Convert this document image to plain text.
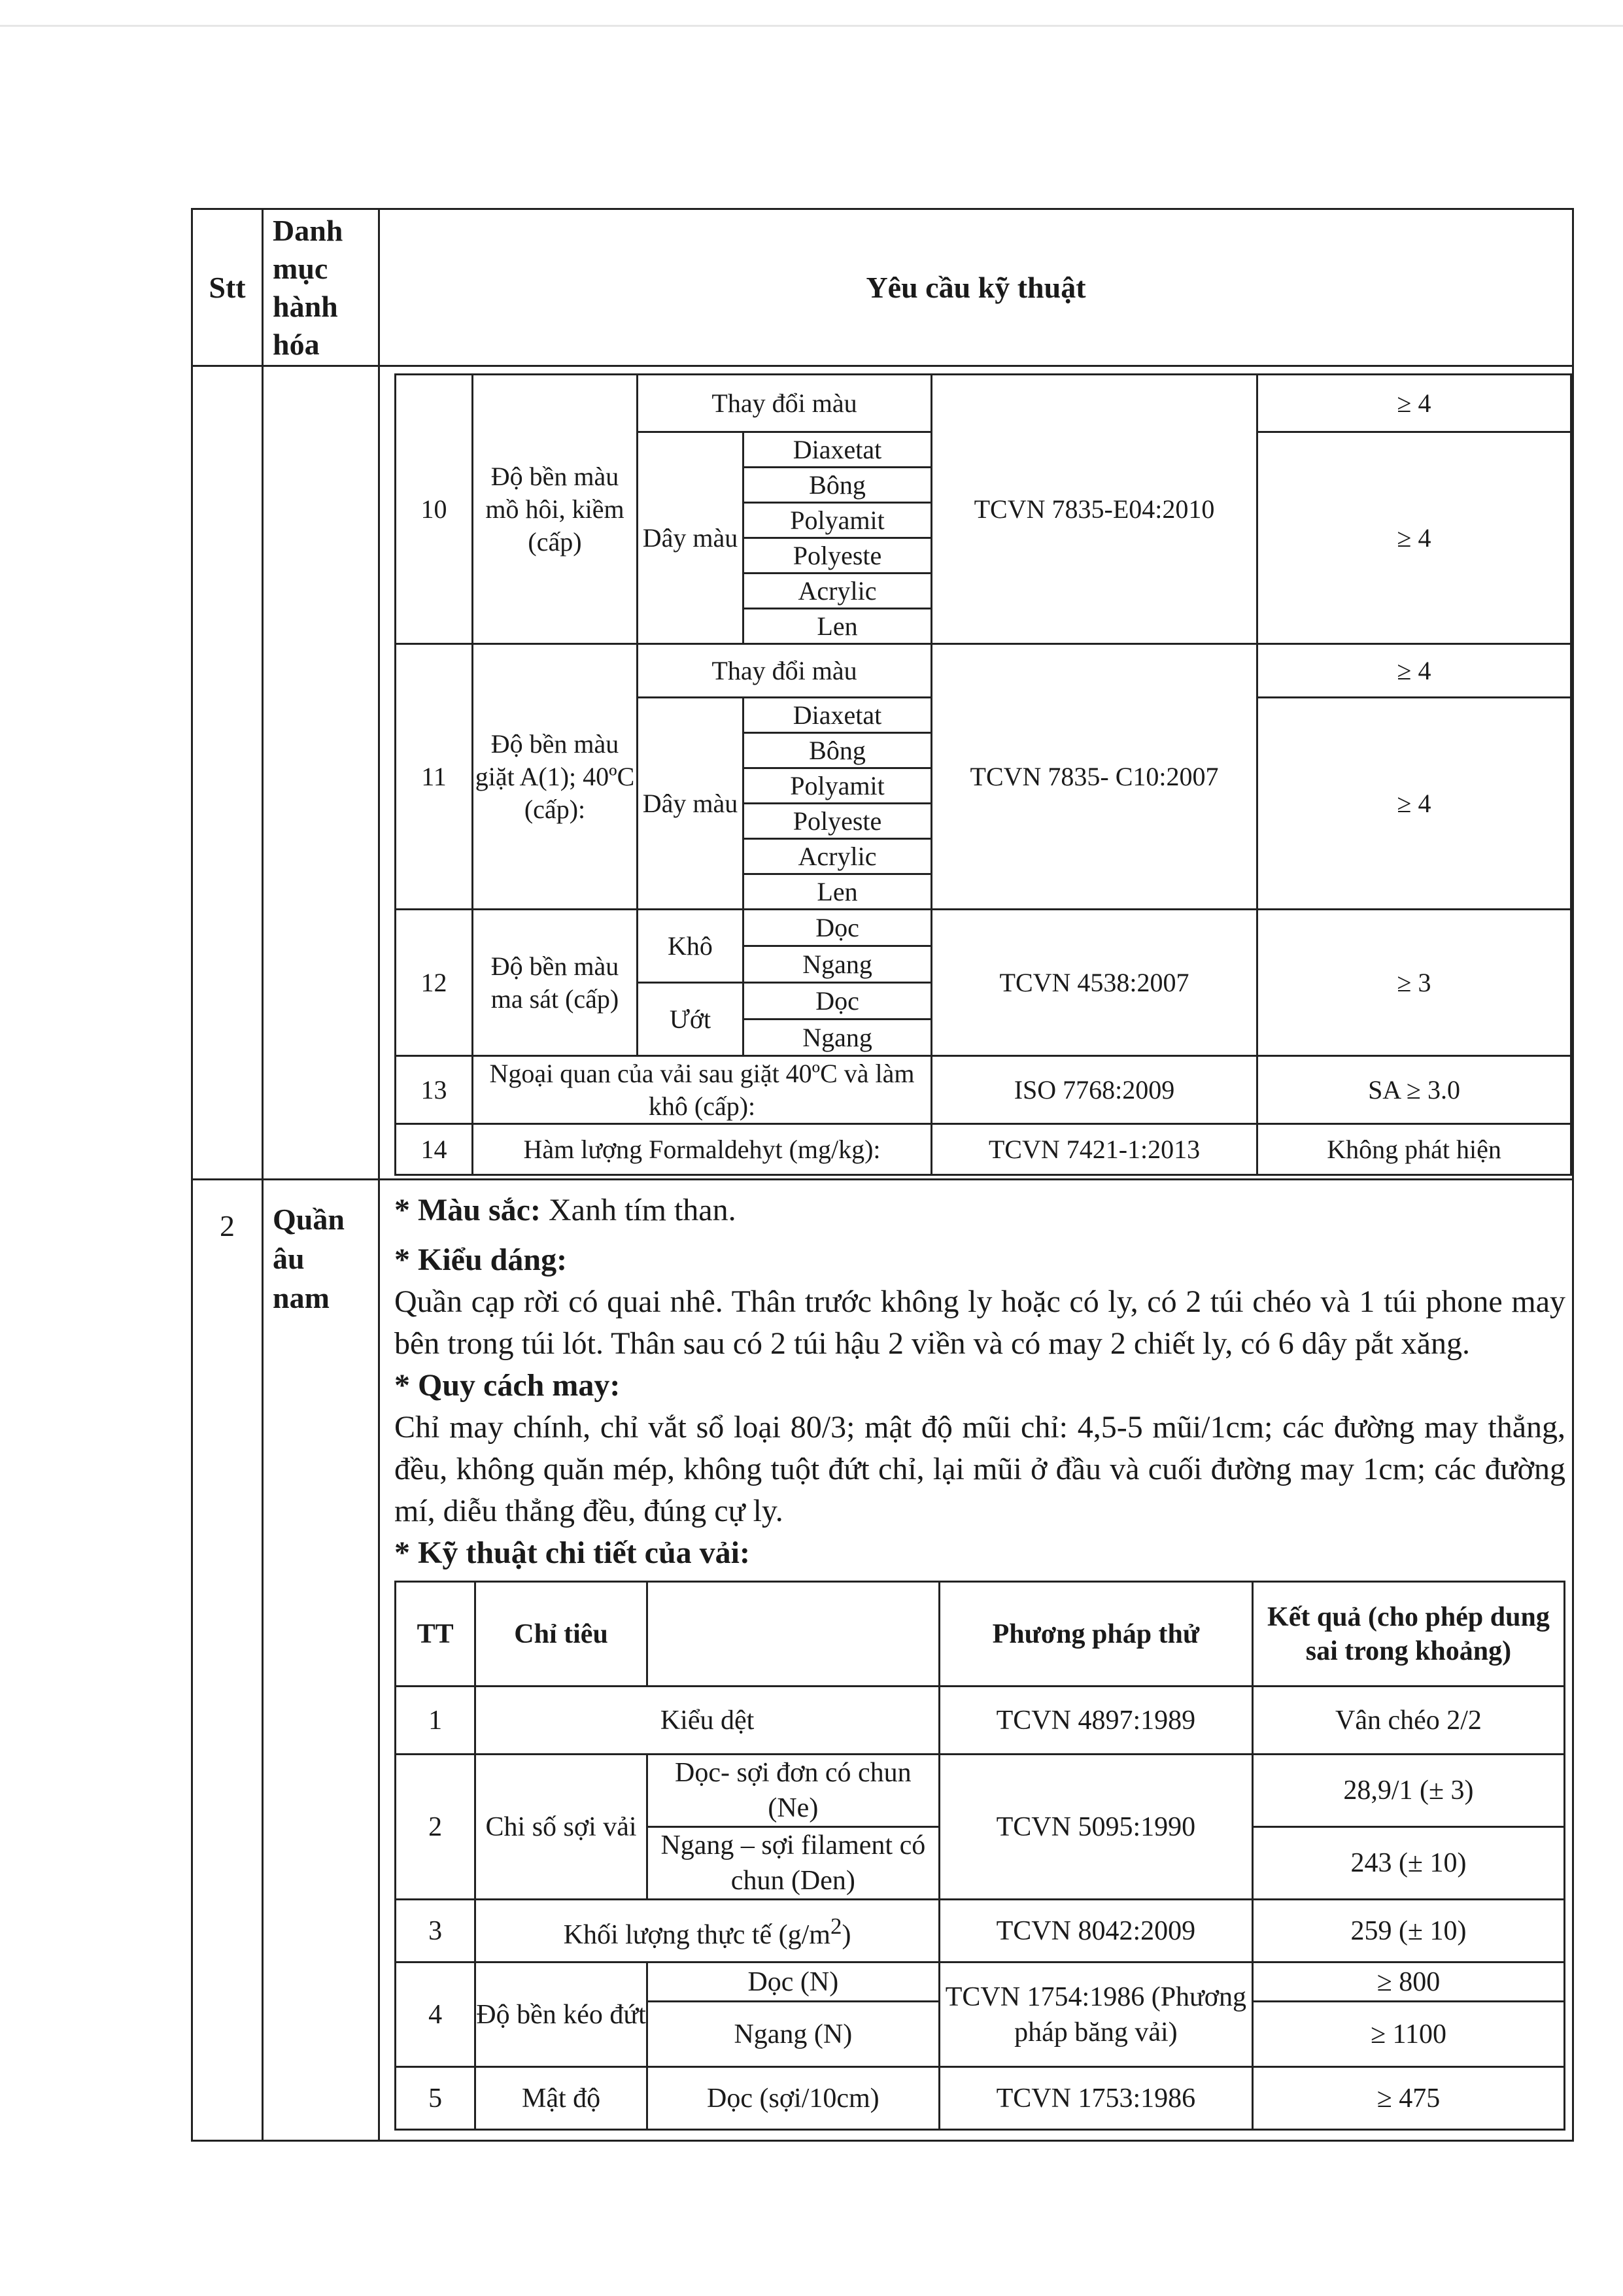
Stt	
Danh
mục
hành
hóa
	Yêu cầu kỹ thuật

10	Độ bền màu mồ hôi, kiềm (cấp)	Thay đổi màu	TCVN 7835-E04:2010	≥ 4
Dây màu	Diaxetat	≥ 4
Bông
Polyamit
Polyeste
Acrylic
Len
11	Độ bền màu giặt A(1); 40ºC (cấp):	Thay đổi màu	TCVN 7835- C10:2007	≥ 4
Dây màu	Diaxetat	≥ 4
Bông
Polyamit
Polyeste
Acrylic
Len
12	Độ bền màu ma sát (cấp)	Khô	Dọc	TCVN 4538:2007	≥ 3
Ngang
Ướt	Dọc
Ngang
13	Ngoại quan của vải sau giặt 40ºC và làm khô (cấp):	ISO 7768:2009	SA ≥ 3.0
14	Hàm lượng Formaldehyt (mg/kg):	TCVN 7421-1:2013	Không phát hiện

2	Quần
âu
nam

* Màu sắc: Xanh tím than.

* Kiểu dáng:

Quần cạp rời có quai nhê. Thân trước không ly hoặc có ly, có 2 túi chéo và 1 túi phone may bên trong túi lót. Thân sau có 2 túi hậu 2 viền và có may 2 chiết ly, có 6 dây pắt xăng.

* Quy cách may:

Chỉ may chính, chỉ vắt sổ loại 80/3; mật độ mũi chỉ: 4,5-5 mũi/1cm; các đường may thẳng, đều, không quăn mép, không tuột đứt chỉ, lại mũi ở đầu và cuối đường may 1cm; các đường mí, diễu thẳng đều, đúng cự ly.

* Kỹ thuật chi tiết của vải:

TT	Chỉ tiêu		Phương pháp thử	Kết quả (cho phép dung sai trong khoảng)
1	Kiểu dệt	TCVN 4897:1989	Vân chéo 2/2
2	Chi số sợi vải	Dọc- sợi đơn có chun (Ne)	TCVN 5095:1990	28,9/1 (± 3)
Ngang – sợi filament có chun (Den)	243 (± 10)
3	Khối lượng thực tế $(g/m^2)$	TCVN 8042:2009	259 (± 10)
4	Độ bền kéo đứt	Dọc (N)	TCVN 1754:1986 (Phương pháp băng vải)	≥ 800
Ngang (N)	≥ 1100
5	Mật độ	Dọc (sợi/10cm)	TCVN 1753:1986	≥ 475
